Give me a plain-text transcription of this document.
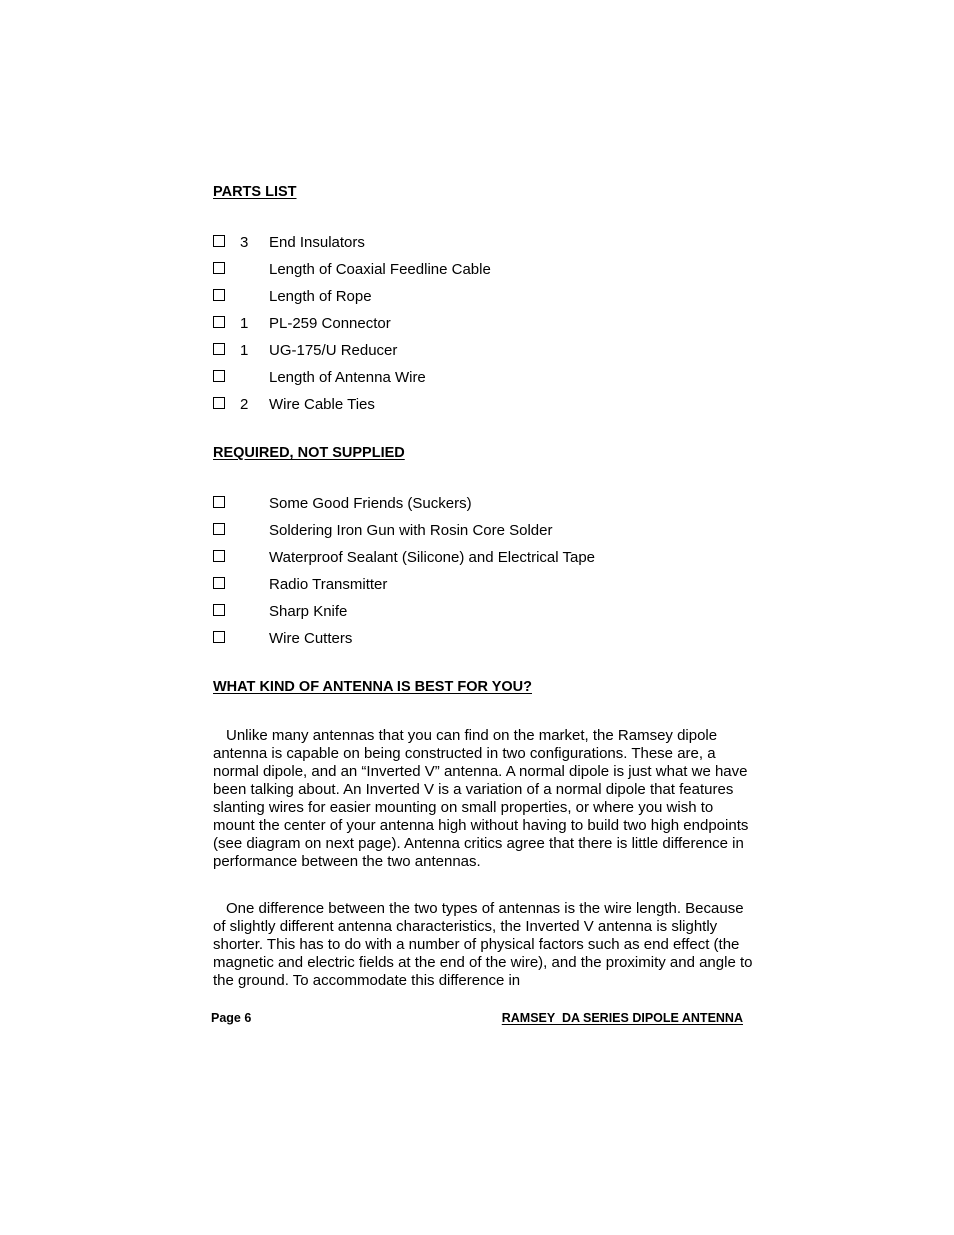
PARTS LIST
3 End Insulators
Length of Coaxial Feedline Cable
Length of Rope
1 PL-259 Connector
1 UG-175/U Reducer
Length of Antenna Wire
2 Wire Cable Ties
REQUIRED, NOT SUPPLIED
Some Good Friends (Suckers)
Soldering Iron Gun with Rosin Core Solder
Waterproof Sealant (Silicone) and Electrical Tape
Radio Transmitter
Sharp Knife
Wire Cutters
WHAT KIND OF ANTENNA IS BEST FOR YOU?

Unlike many antennas that you can find on the market, the Ramsey dipole antenna is capable on being constructed in two configurations. These are, a normal dipole, and an “Inverted V” antenna. A normal dipole is just what we have been talking about. An Inverted V is a variation of a normal dipole that features slanting wires for easier mounting on small properties, or where you wish to mount the center of your antenna high without having to build two high endpoints (see diagram on next page). Antenna critics agree that there is little difference in performance between the two antennas.

One difference between the two types of antennas is the wire length. Because of slightly different antenna characteristics, the Inverted V antenna is slightly shorter. This has to do with a number of physical factors such as end effect (the magnetic and electric fields at the end of the wire), and the proximity and angle to the ground. To accommodate this difference in

Page 6	RAMSEY  DA SERIES DIPOLE ANTENNA
